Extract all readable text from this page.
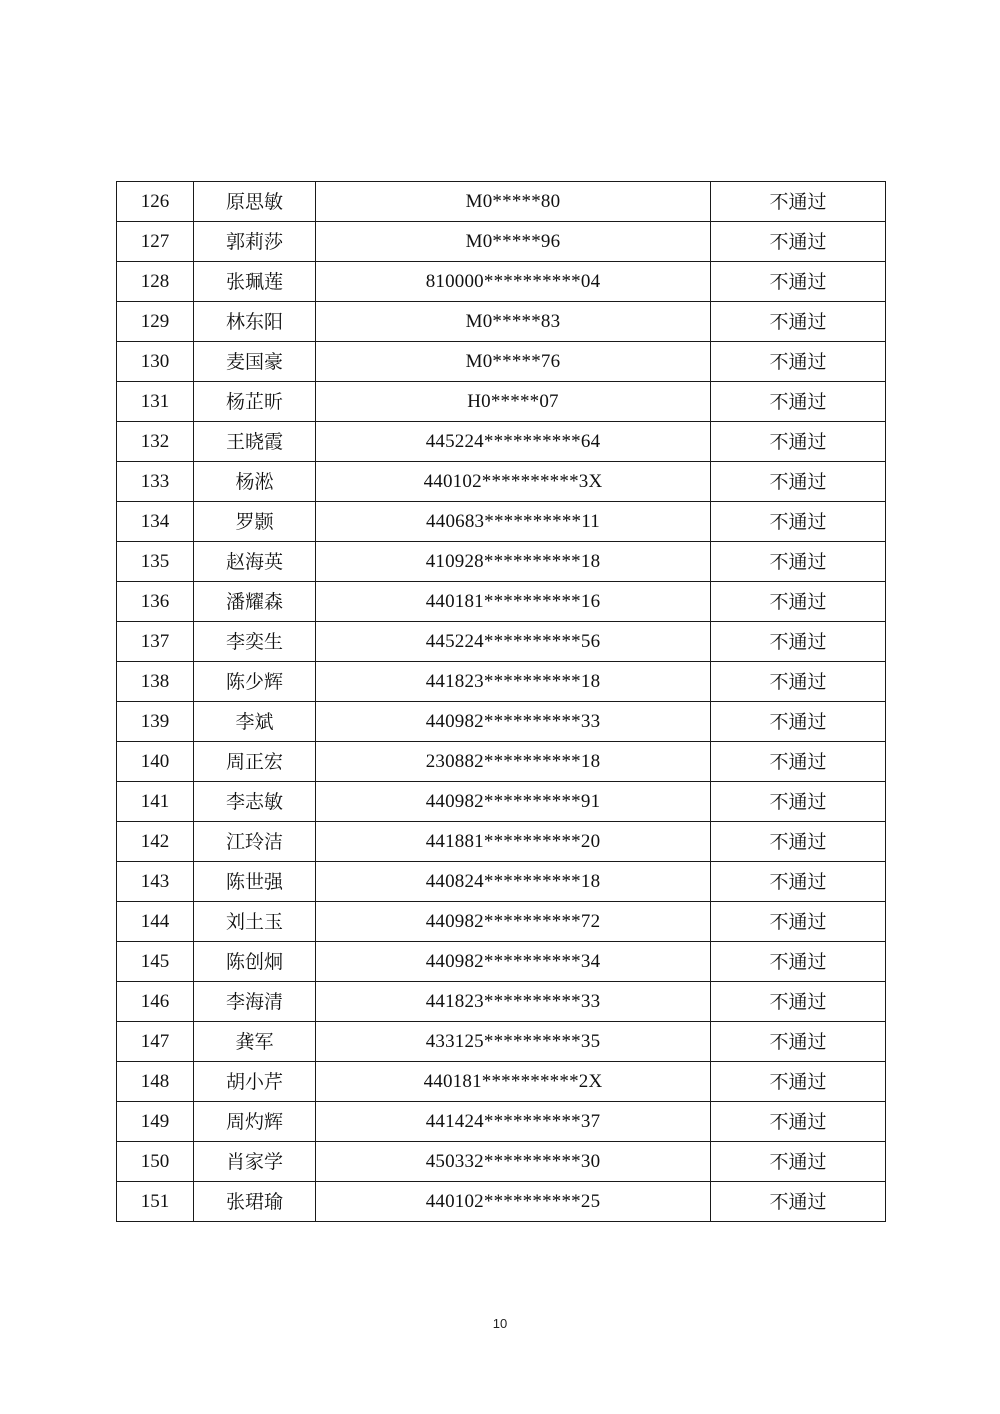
126	原思敏	M0*****80	不通过
127	郭莉莎	M0*****96	不通过
128	张珮莲	810000**********04	不通过
129	林东阳	M0*****83	不通过
130	麦国豪	M0*****76	不通过
131	杨芷昕	H0*****07	不通过
132	王晓霞	445224**********64	不通过
133	杨淞	440102**********3X	不通过
134	罗颢	440683**********11	不通过
135	赵海英	410928**********18	不通过
136	潘耀森	440181**********16	不通过
137	李奕生	445224**********56	不通过
138	陈少辉	441823**********18	不通过
139	李斌	440982**********33	不通过
140	周正宏	230882**********18	不通过
141	李志敏	440982**********91	不通过
142	江玲洁	441881**********20	不通过
143	陈世强	440824**********18	不通过
144	刘土玉	440982**********72	不通过
145	陈创炯	440982**********34	不通过
146	李海清	441823**********33	不通过
147	龚军	433125**********35	不通过
148	胡小芹	440181**********2X	不通过
149	周灼辉	441424**********37	不通过
150	肖家学	450332**********30	不通过
151	张珺瑜	440102**********25	不通过
10
